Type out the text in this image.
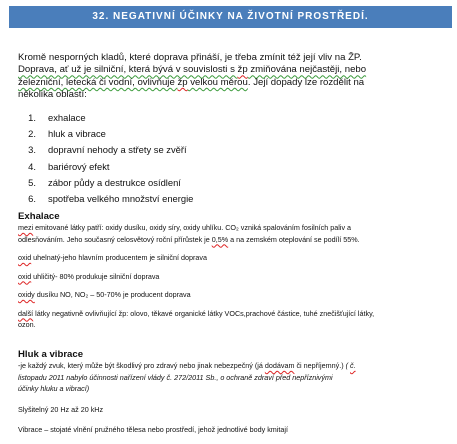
32. NEGATIVNÍ ÚČINKY NA ŽIVOTNÍ PROSTŘEDÍ.
Kromě nesporných kladů, které doprava přináší, je třeba zmínit též její vliv na ŽP.
Doprava, ať už je silniční, která bývá v souvislosti s žp zmiňována nejčastěji, nebo
železniční, letecká či vodní, ovlivňuje žp velkou měrou. Její dopady lze rozdělit na
několika oblastí:
1. exhalace
2. hluk a vibrace
3. dopravní nehody a střety se zvěří
4. bariérový efekt
5. zábor půdy a destrukce osídlení
6. spotřeba velkého množství energie
Exhalace

mezi emitované látky patří: oxidy dusíku, oxidy síry, oxidy uhlíku. CO₂ vzniká spalováním fosilních paliv a
odlesňováním. Jeho současný celosvětový roční přírůstek je 0,5% a na zemském oteplování se podílí 55%.

oxid uhelnatý-jeho hlavním producentem je silniční doprava

oxid uhličitý- 80% produkuje silniční doprava

oxidy dusíku NO, NO₂ – 50-70% je producent doprava

další látky negativně ovlivňující žp: olovo, těkavé organické látky VOCs,prachové částice, tuhé znečišťující látky,
ozon.

Hluk a vibrace

-je každý zvuk, který může být škodlivý pro zdravý nebo jinak nebezpečný (já dodávam či nepříjemný.) ( č.
listopadu 2011 nabylo účinnosti nařízení vlády č. 272/2011 Sb., o ochraně zdraví před nepříznivými
účinky hluku a vibrací)

Slyšitelný 20 Hz až 20 kHz

Vibrace – stojaté vlnění pružného tělesa nebo prostředí, jehož jednotlivé body kmitají
